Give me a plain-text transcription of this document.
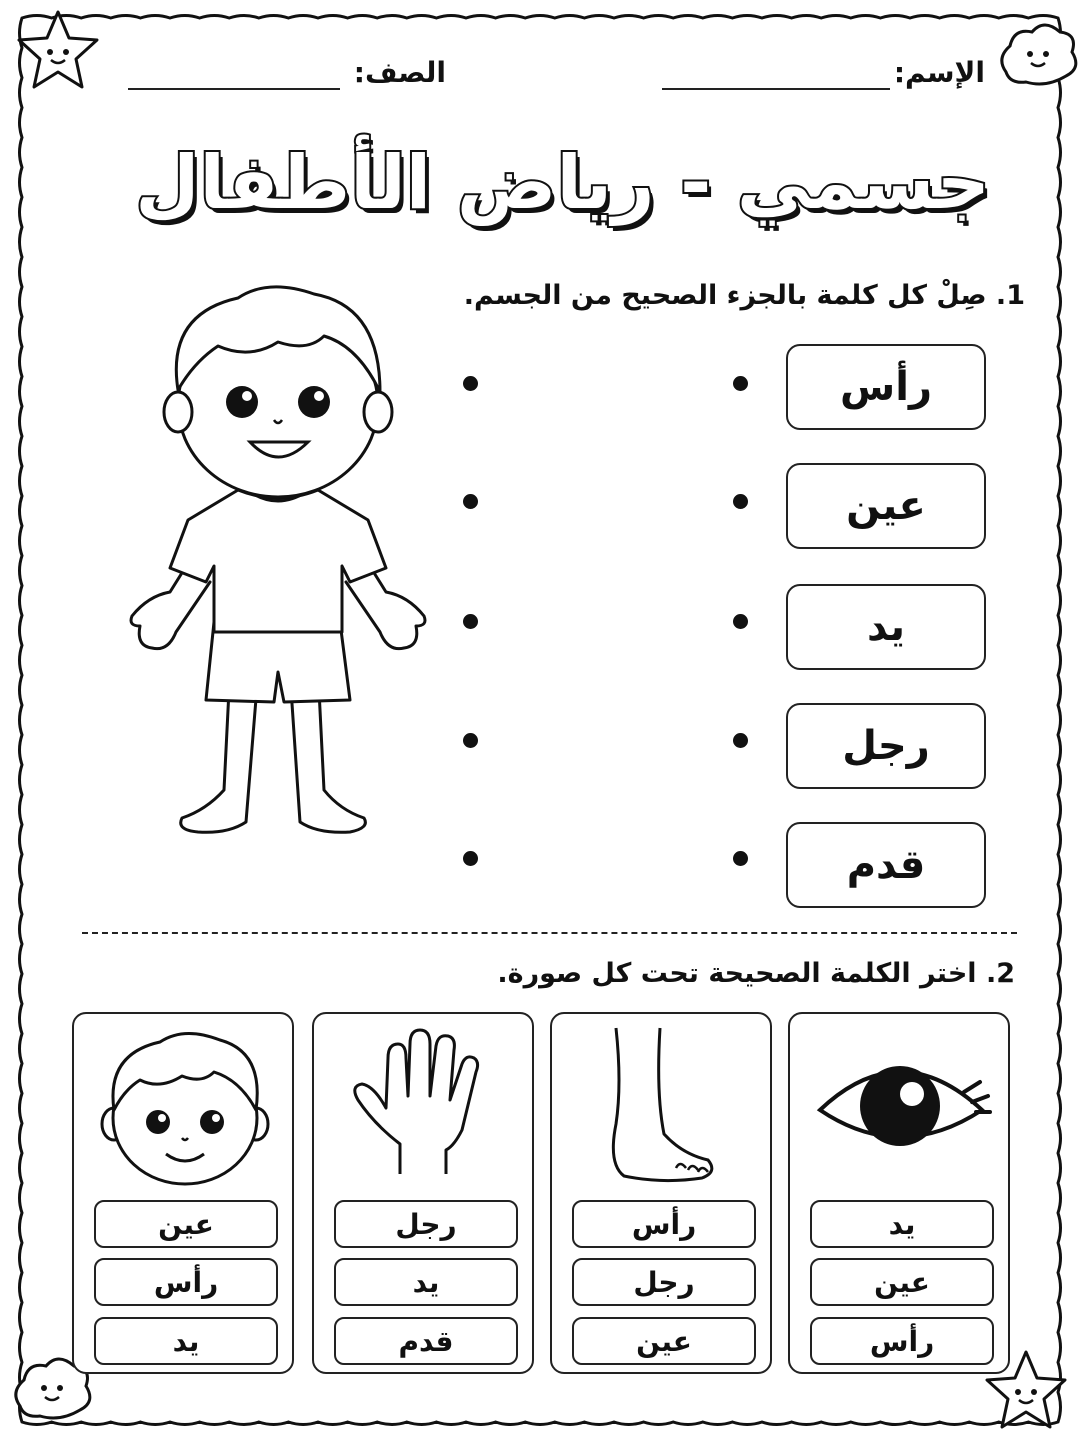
الإسم:
الصف:
جسمي - رياض الأطفال
1. صِلْ كل كلمة بالجزء الصحيح من الجسم.
رأس
عين
يد
رجل
قدم
2. اختر الكلمة الصحيحة تحت كل صورة.
يد
عين
رأس
رأس
رجل
عين
رجل
يد
قدم
عين
رأس
يد
